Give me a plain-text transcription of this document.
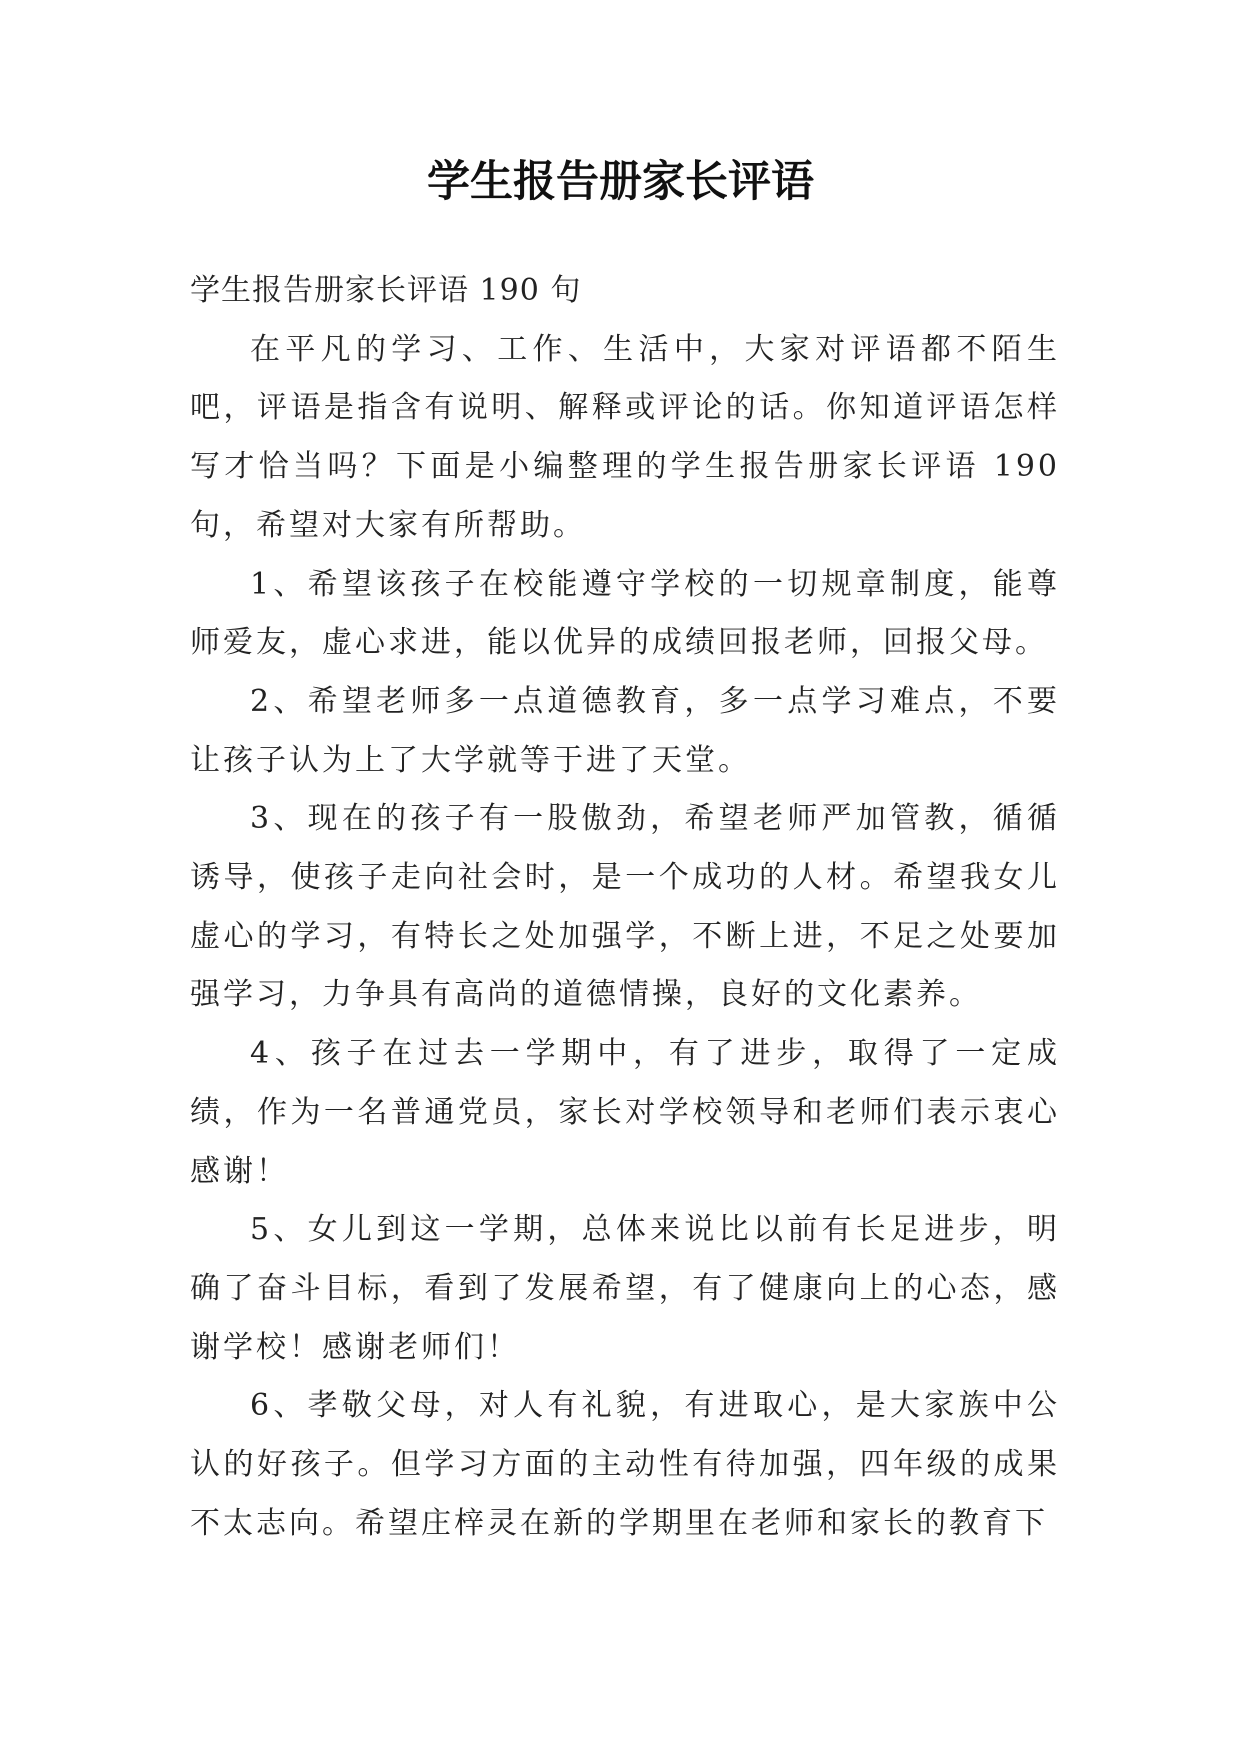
学生报告册家长评语

学生报告册家长评语 190 句

在平凡的学习、工作、生活中，大家对评语都不陌生吧，评语是指含有说明、解释或评论的话。你知道评语怎样写才恰当吗？下面是小编整理的学生报告册家长评语 190 句，希望对大家有所帮助。

1、希望该孩子在校能遵守学校的一切规章制度，能尊师爱友，虚心求进，能以优异的成绩回报老师，回报父母。

2、希望老师多一点道德教育，多一点学习难点，不要让孩子认为上了大学就等于进了天堂。

3、现在的孩子有一股傲劲，希望老师严加管教，循循诱导，使孩子走向社会时，是一个成功的人材。希望我女儿虚心的学习，有特长之处加强学，不断上进，不足之处要加强学习，力争具有高尚的道德情操，良好的文化素养。

4、孩子在过去一学期中，有了进步，取得了一定成绩，作为一名普通党员，家长对学校领导和老师们表示衷心感谢！

5、女儿到这一学期，总体来说比以前有长足进步，明确了奋斗目标，看到了发展希望，有了健康向上的心态，感谢学校！感谢老师们！

6、孝敬父母，对人有礼貌，有进取心，是大家族中公认的好孩子。但学习方面的主动性有待加强，四年级的成果不太志向。希望庄梓灵在新的学期里在老师和家长的教育下
